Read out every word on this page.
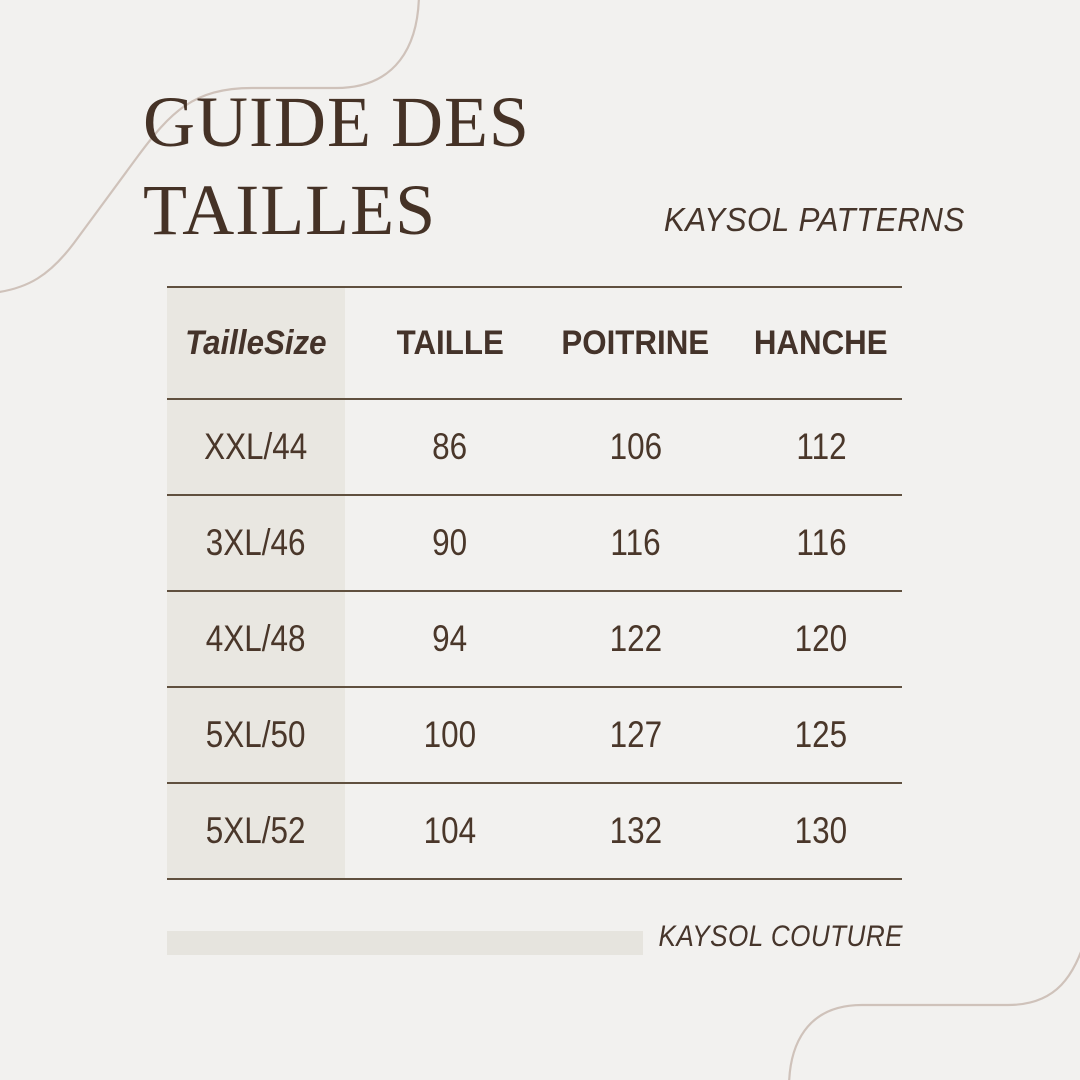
GUIDE DES
TAILLES	KAYSOL PATTERNS
TailleSize TAILLE POITRINE HANCHE
XXL/44	86	106	112
3XL/46	90	116	116
4XL/48	94	122	120
5XL/50	100	127	125
5XL/52	104	132	130
KAYSOL COUTURE
